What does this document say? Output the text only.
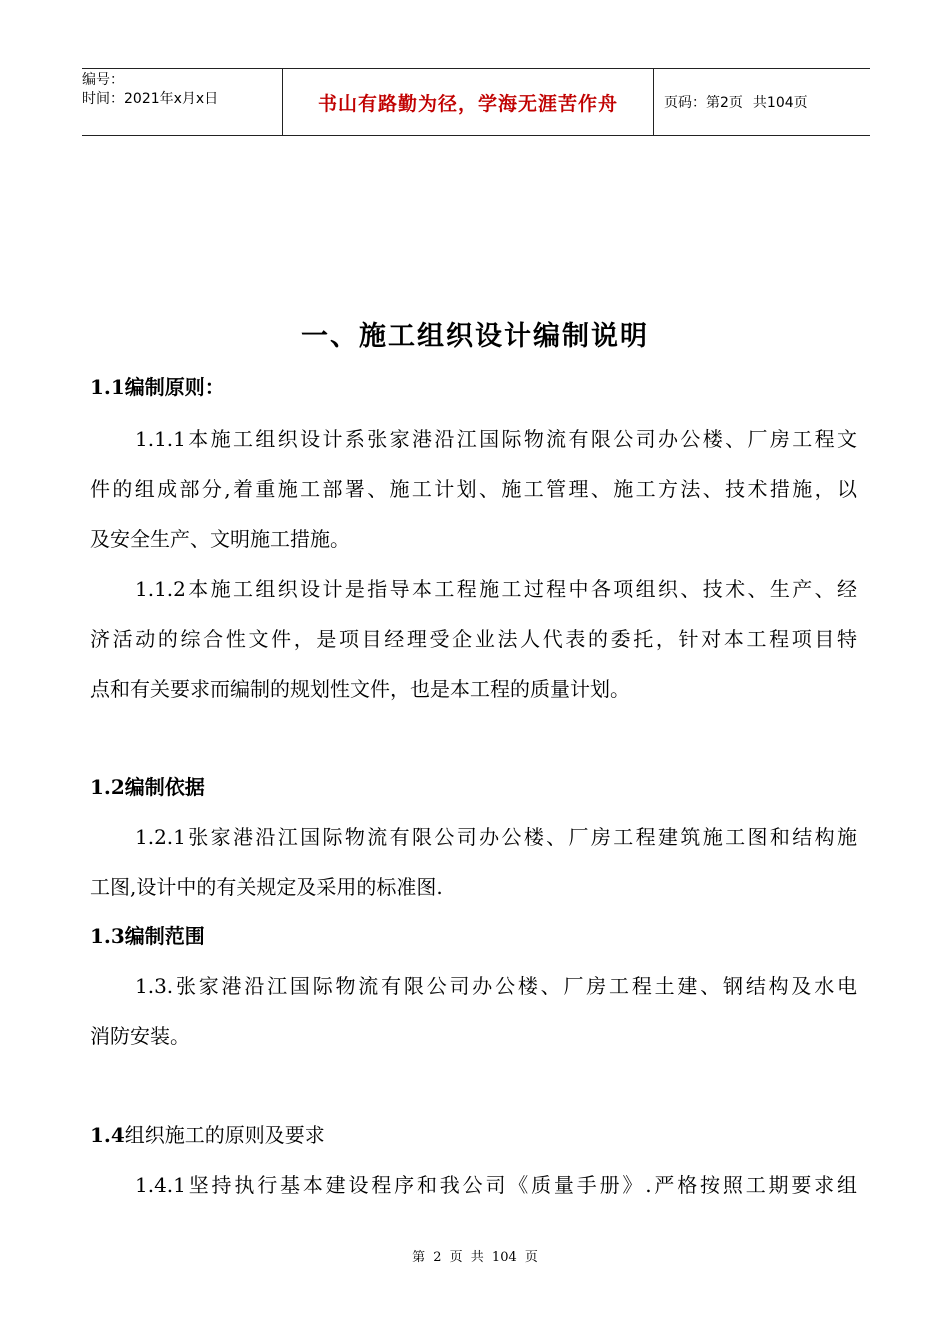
编号：
时间：2021年x月x日	书山有路勤为径，学海无涯苦作舟	页码：第2页 共104页
一、施工组织设计编制说明
1.1编制原则：
1.1.1本施工组织设计系张家港沿江国际物流有限公司办公楼、厂房工程文
件的组成部分,着重施工部署、施工计划、施工管理、施工方法、技术措施，以
及安全生产、文明施工措施。
1.1.2本施工组织设计是指导本工程施工过程中各项组织、技术、生产、经
济活动的综合性文件，是项目经理受企业法人代表的委托，针对本工程项目特
点和有关要求而编制的规划性文件，也是本工程的质量计划。
1.2编制依据
1.2.1张家港沿江国际物流有限公司办公楼、厂房工程建筑施工图和结构施
工图,设计中的有关规定及采用的标准图.
1.3编制范围
1.3.张家港沿江国际物流有限公司办公楼、厂房工程土建、钢结构及水电
消防安装。
1.4组织施工的原则及要求
1.4.1坚持执行基本建设程序和我公司《质量手册》.严格按照工期要求组
第 2 页 共 104 页
